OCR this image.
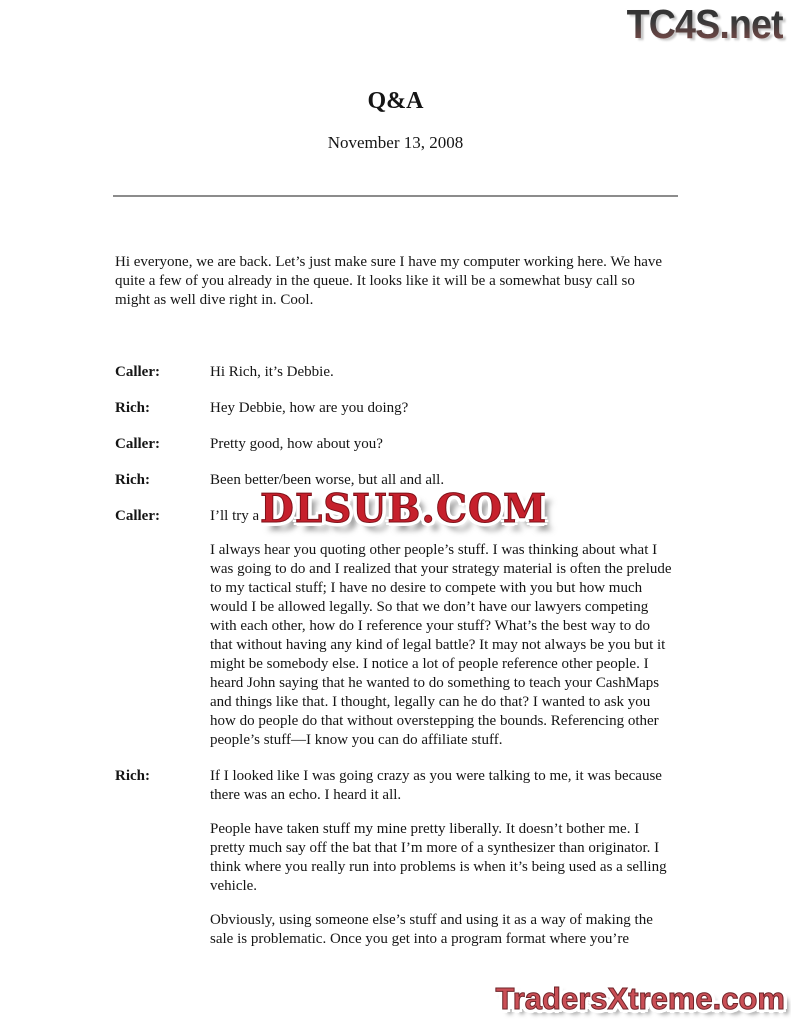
TC4S.net
Q&A
November 13, 2008

Hi everyone, we are back. Let’s just make sure I have my computer working here. We have quite a few of you already in the queue. It looks like it will be a somewhat busy call so might as well dive right in. Cool.

Caller:	Hi Rich, it’s Debbie.

Rich:	Hey Debbie, how are you doing?

Caller:	Pretty good, how about you?

Rich:	Been better/been worse, but all and all.

Caller:	I’ll try a DLSUB.COM

I always hear you quoting other people’s stuff. I was thinking about what I was going to do and I realized that your strategy material is often the prelude to my tactical stuff; I have no desire to compete with you but how much would I be allowed legally. So that we don’t have our lawyers competing with each other, how do I reference your stuff? What’s the best way to do that without having any kind of legal battle? It may not always be you but it might be somebody else. I notice a lot of people reference other people. I heard John saying that he wanted to do something to teach your CashMaps and things like that. I thought, legally can he do that? I wanted to ask you how do people do that without overstepping the bounds. Referencing other people’s stuff—I know you can do affiliate stuff.

Rich:	If I looked like I was going crazy as you were talking to me, it was because there was an echo. I heard it all.

People have taken stuff my mine pretty liberally. It doesn’t bother me. I pretty much say off the bat that I’m more of a synthesizer than originator. I think where you really run into problems is when it’s being used as a selling vehicle.

Obviously, using someone else’s stuff and using it as a way of making the sale is problematic. Once you get into a program format where you’re

TradersXtreme.com
